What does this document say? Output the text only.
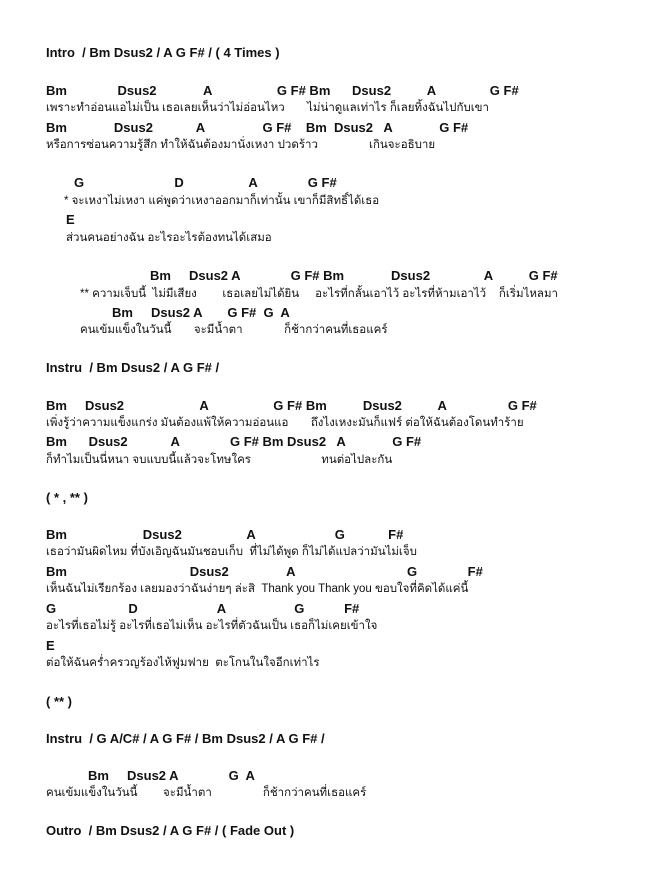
Intro  / Bm Dsus2 / A G F# / ( 4 Times )
Bm              Dsus2             A                  G F# Bm      Dsus2          A               G F#
เพราะทำอ่อนแอไม่เป็น เธอเลยเห็นว่าไม่อ่อนไหว       ไม่น่าดูแลเท่าไร ก็เลยทิ้งฉันไปกับเขา
Bm             Dsus2            A                G F#    Bm  Dsus2   A             G F#
หรือการซ่อนความรู้สึก ทำให้ฉันต้องมานั่งเหงา ปวดร้าว                เกินจะอธิบาย
G                         D                  A              G F#
* จะเหงาไม่เหงา แค่พูดว่าเหงาออกมาก็เท่านั้น เขาก็มีสิทธิ์ได้เธอ
E
ส่วนคนอย่างฉัน อะไรอะไรต้องทนได้เสมอ
Bm     Dsus2 A              G F# Bm             Dsus2               A          G F#
** ความเจ็บนี้  ไม่มีเสียง        เธอเลยไม่ได้ยิน     อะไรที่กลั้นเอาไว้ อะไรที่ห้ามเอาไว้    ก็เริ่มไหลมา
Bm     Dsus2 A       G F#  G  A
คนเข้มแข็งในวันนี้       จะมีน้ำตา             ก็ช้ากว่าคนที่เธอแคร์
Instru  / Bm Dsus2 / A G F# /
Bm     Dsus2                     A                  G F# Bm          Dsus2          A                 G F#
เพิ่งรู้ว่าความแข็งแกร่ง มันต้องแพ้ให้ความอ่อนแอ       ถึงไงเหงะมันก็แฟร์ ต่อให้ฉันต้องโดนทำร้าย
Bm      Dsus2            A              G F# Bm Dsus2   A             G F#
ก็ทำไมเป็นนี่หนา จบแบบนี้แล้วจะโทษใคร                      ทนต่อไปละกัน
( * , ** )
Bm                     Dsus2                  A                      G            F#
เธอว่ามันผิดไหม ที่บังเอิญฉันมันชอบเก็บ  ที่ไม่ได้พูด ก็ไม่ได้แปลว่ามันไม่เจ็บ
Bm                                  Dsus2                A                               G              F#
เห็นฉันไม่เรียกร้อง เลยมองว่าฉันง่ายๆ ล่ะสิ  Thank you Thank you ขอบใจที่คิดได้แค่นี้
G                    D                      A                   G           F#
อะไรที่เธอไม่รู้ อะไรที่เธอไม่เห็น อะไรที่ตัวฉันเป็น เธอก็ไม่เคยเข้าใจ
E
ต่อให้ฉันคร่ำครวญร้องไห้ฟูมฟาย  ตะโกนในใจอีกเท่าไร
( ** )
Instru  / G A/C# / A G F# / Bm Dsus2 / A G F# /
Bm     Dsus2 A              G  A
คนเข้มแข็งในวันนี้        จะมีน้ำตา                ก็ช้ากว่าคนที่เธอแคร์
Outro  / Bm Dsus2 / A G F# / ( Fade Out )
